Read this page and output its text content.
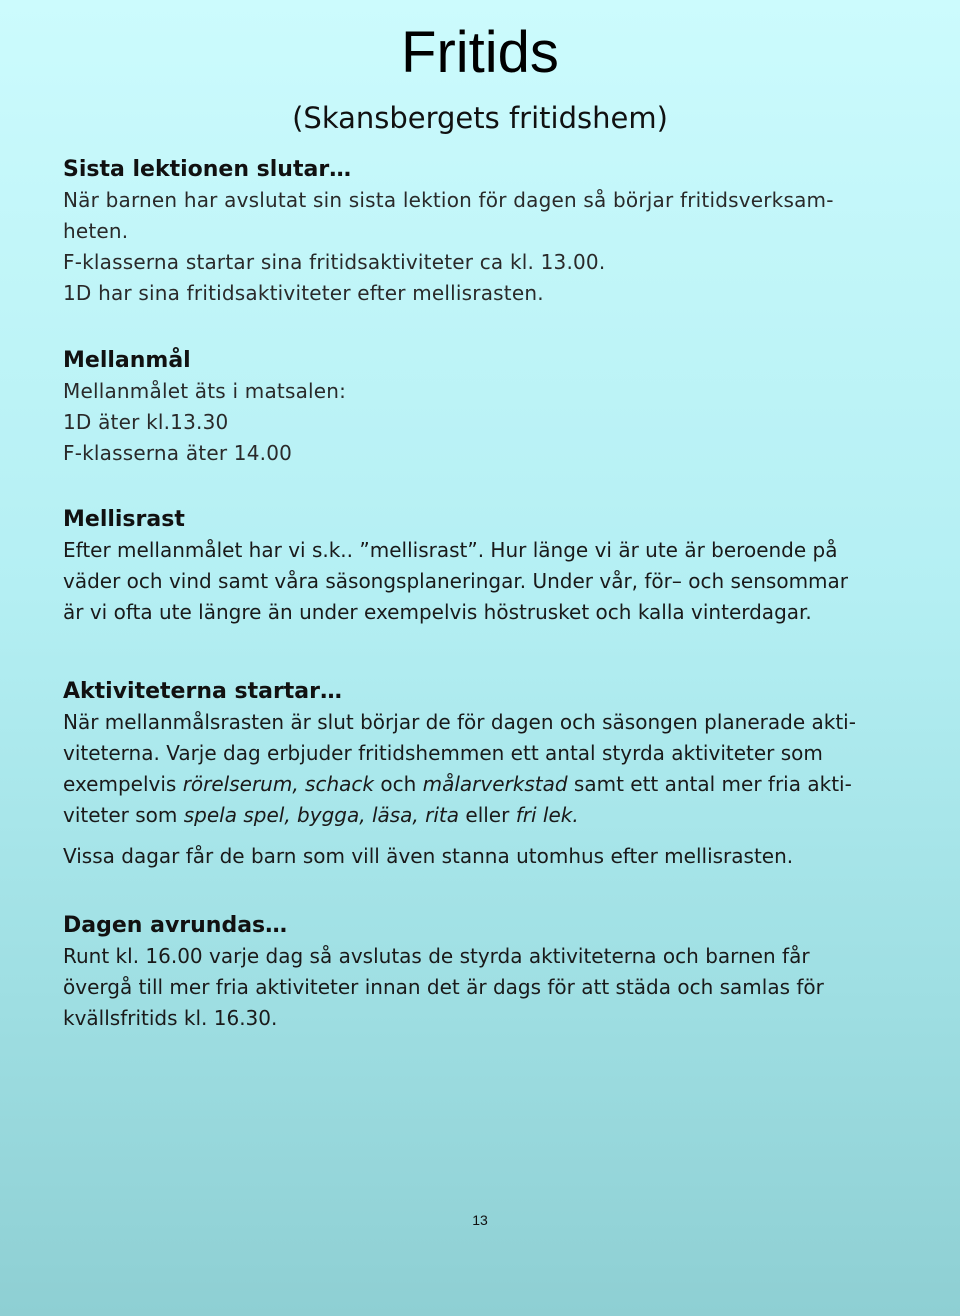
Fritids
(Skansbergets fritidshem)

Sista lektionen slutar…

När barnen har avslutat sin sista lektion för dagen så börjar fritidsverksam-

heten.

F-klasserna startar sina fritidsaktiviteter ca kl. 13.00.

1D har sina fritidsaktiviteter efter mellisrasten.

Mellanmål

Mellanmålet äts i matsalen:

1D äter kl.13.30

F-klasserna äter 14.00

Mellisrast

Efter mellanmålet har vi s.k.. ”mellisrast”. Hur länge vi är ute är beroende på

väder och vind samt våra säsongsplaneringar. Under vår, för– och sensommar

är vi ofta ute längre än under exempelvis höstrusket och kalla vinterdagar.

Aktiviteterna startar…

När mellanmålsrasten är slut börjar de för dagen och säsongen planerade akti-

viteterna. Varje dag erbjuder fritidshemmen ett antal styrda aktiviteter som

exempelvis rörelserum, schack och målarverkstad samt ett antal mer fria akti-

viteter som spela spel, bygga, läsa, rita eller fri lek.

Vissa dagar får de barn som vill även stanna utomhus efter mellisrasten.

Dagen avrundas…

Runt kl. 16.00 varje dag så avslutas de styrda aktiviteterna och barnen får

övergå till mer fria aktiviteter innan det är dags för att städa och samlas för

kvällsfritids kl. 16.30.

13
